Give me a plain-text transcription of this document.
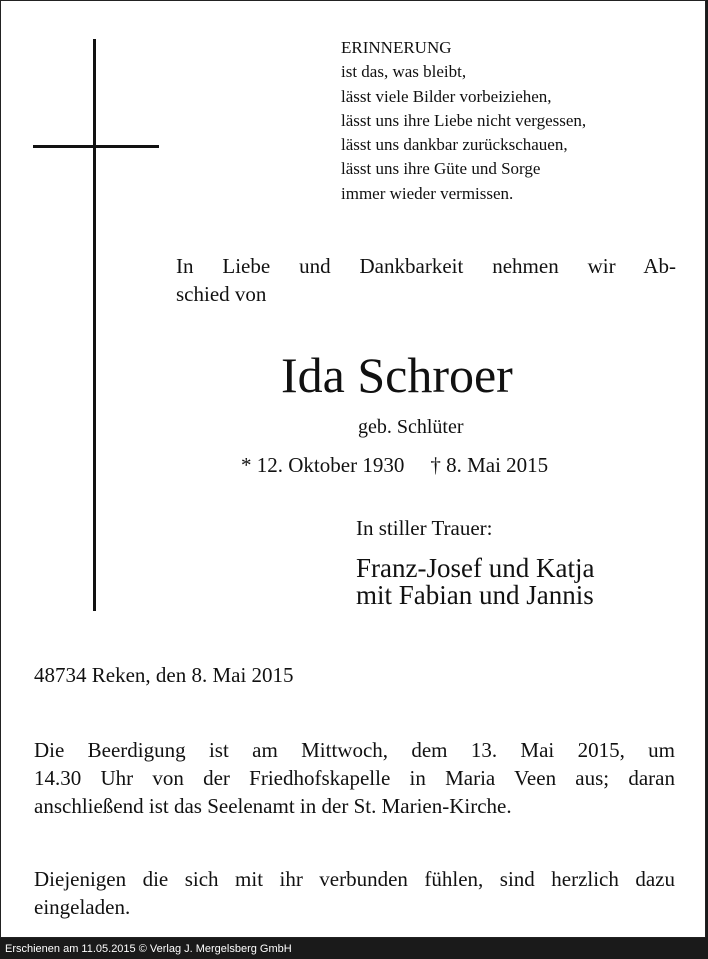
ERINNERUNG
ist das, was bleibt,
lässt viele Bilder vorbeiziehen,
lässt uns ihre Liebe nicht vergessen,
lässt uns dankbar zurückschauen,
lässt uns ihre Güte und Sorge
immer wieder vermissen.
In Liebe und Dankbarkeit nehmen wir Ab-
schied von
Ida Schroer
geb. Schlüter
* 12. Oktober 1930 † 8. Mai 2015
In stiller Trauer:
Franz-Josef und Katja
mit Fabian und Jannis
48734 Reken, den 8. Mai 2015
Die Beerdigung ist am Mittwoch, dem 13. Mai 2015, um
14.30 Uhr von der Friedhofskapelle in Maria Veen aus; daran
anschließend ist das Seelenamt in der St. Marien-Kirche.
Diejenigen die sich mit ihr verbunden fühlen, sind herzlich dazu
eingeladen.
Erschienen am 11.05.2015 © Verlag J. Mergelsberg GmbH
